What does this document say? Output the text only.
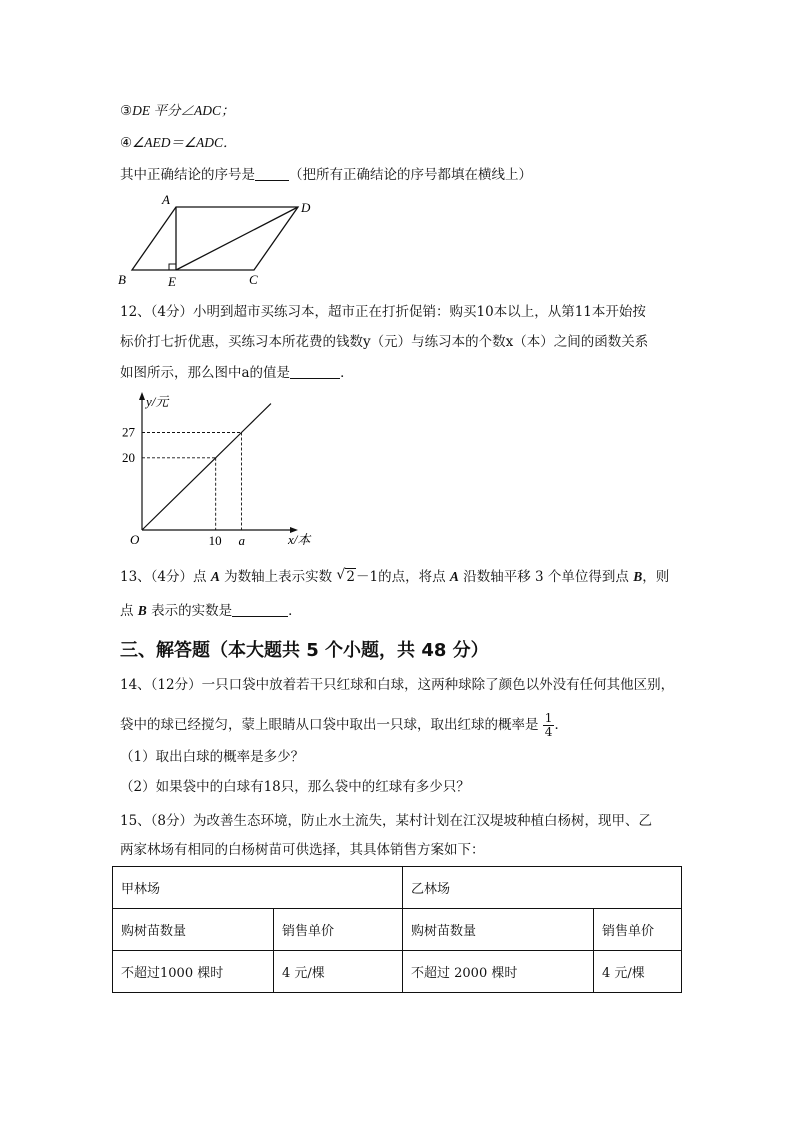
③DE 平分∠ADC；
④∠AED＝∠ADC．
其中正确结论的序号是	（把所有正确结论的序号都填在横线上）
A
D
B	E	C
12、（4分）小明到超市买练习本，超市正在打折促销：购买10本以上，从第11本开始按
标价打七折优惠，买练习本所花费的钱数y（元）与练习本的个数x（本）之间的函数关系
如图所示，那么图中a的值是	．
y/元
x/本
O	10
20
a
27
13、（4分）点 A 为数轴上表示实数 √ 2－1的点，将点 A 沿数轴平移 3 个单位得到点 B，则
点 B 表示的实数是	．
三、解答题（本大题共 5 个小题，共 48 分）
14、（12分）一只口袋中放着若干只红球和白球，这两种球除了颜色以外没有任何其他区别，
袋中的球已经搅匀，蒙上眼睛从口袋中取出一只球，取出红球的概率是 $\frac{1}{4}$ ．
（1）取出白球的概率是多少？
（2）如果袋中的白球有18只，那么袋中的红球有多少只？
15、（8分）为改善生态环境，防止水土流失，某村计划在江汉堤坡种植白杨树，现甲、乙
两家林场有相同的白杨树苗可供选择，其具体销售方案如下：
甲林场		乙林场	
购树苗数量	销售单价	购树苗数量	销售单价
不超过1000 棵时	4 元/棵	不超过 2000 棵时	4 元/棵
